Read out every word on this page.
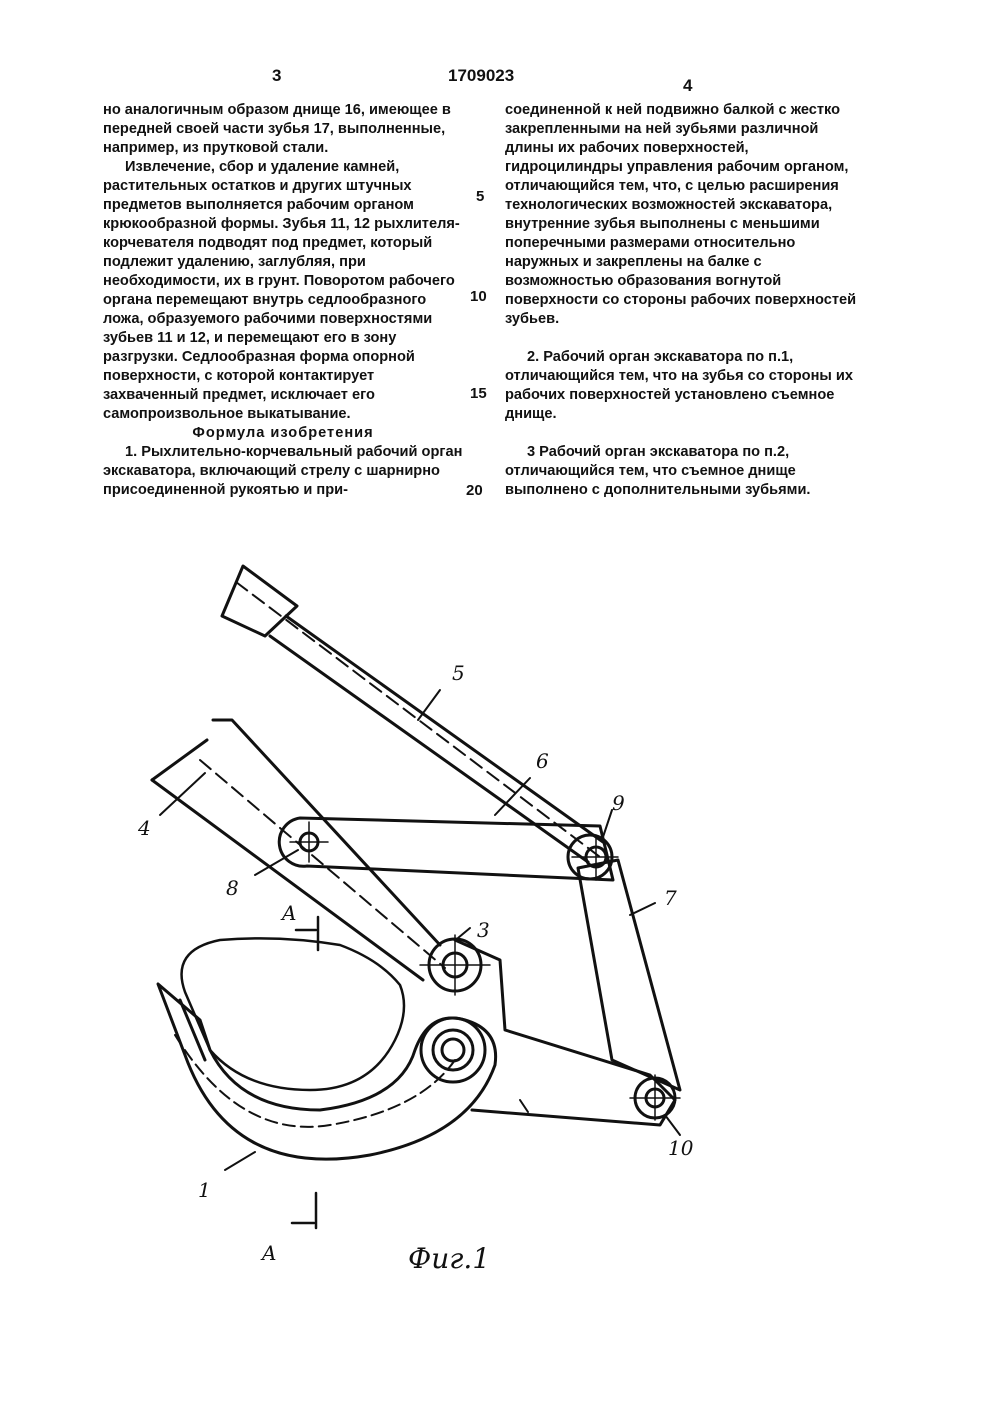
3	1709023
4

но аналогичным образом днище 16, имеющее в передней своей части зубья 17, выполненные, например, из прутковой стали.

Извлечение, сбор и удаление камней, растительных остатков и других штучных предметов выполняется рабочим органом крюкообразной формы. Зубья 11, 12 рыхлителя-корчевателя подводят под предмет, который подлежит удалению, заглубляя, при необходимости, их в грунт. Поворотом рабочего органа перемещают внутрь седлообразного ложа, образуемого рабочими поверхностями зубьев 11 и 12, и перемещают его в зону разгрузки. Седлообразная форма опорной поверхности, с которой контактирует захваченный предмет, исключает его самопроизвольное выкатывание.

Формула изобретения

1. Рыхлительно-корчевальный рабочий орган экскаватора, включающий стрелу с шарнирно присоединенной рукоятью и при-

5
10
15
20

соединенной к ней подвижно балкой с жестко закрепленными на ней зубьями различной длины их рабочих поверхностей, гидроцилиндры управления рабочим органом, отличающийся тем, что, с целью расширения технологических возможностей экскаватора, внутренние зубья выполнены с меньшими поперечными размерами относительно наружных и закреплены на балке с возможностью образования вогнутой поверхности со стороны рабочих поверхностей зубьев.

2. Рабочий орган экскаватора по п.1, отличающийся тем, что на зубья со стороны их рабочих поверхностей установлено съемное днище.

3 Рабочий орган экскаватора по п.2, отличающийся тем, что съемное днище выполнено с дополнительными зубьями.

4
5
6
8
9
3
7
1
10
A
A	Фиг.1
